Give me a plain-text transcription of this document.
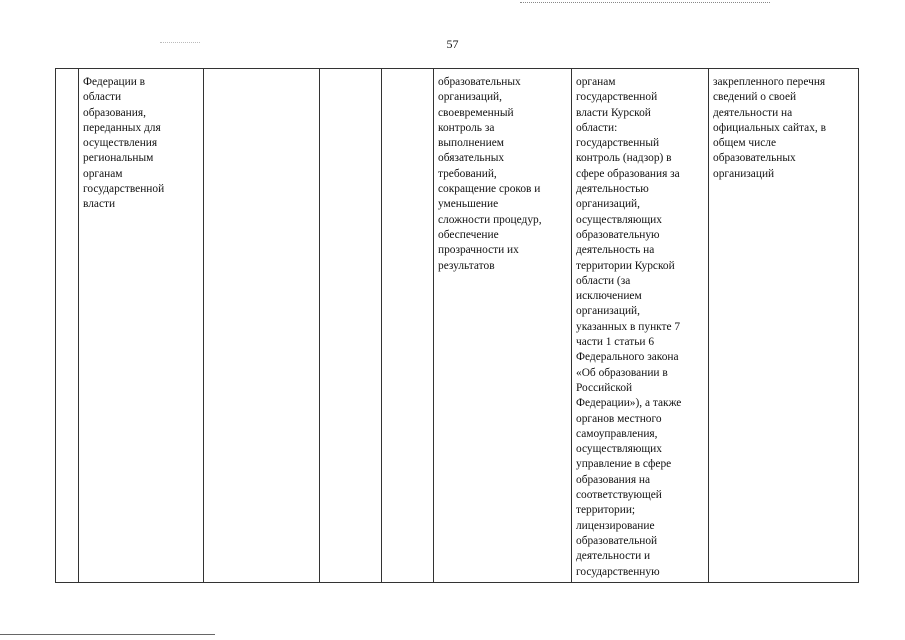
57
	Федерации в
области
образования,
переданных для
осуществления
региональным
органам
государственной
власти				образовательных
организаций,
своевременный
контроль за
выполнением
обязательных
требований,
сокращение сроков и
уменьшение
сложности процедур,
обеспечение
прозрачности их
результатов	органам
государственной
власти Курской
области:
государственный
контроль (надзор) в
сфере образования за
деятельностью
организаций,
осуществляющих
образовательную
деятельность на
территории Курской
области (за
исключением
организаций,
указанных в пункте 7
части 1 статьи 6
Федерального закона
«Об образовании в
Российской
Федерации»), а также
органов местного
самоуправления,
осуществляющих
управление в сфере
образования на
соответствующей
территории;
лицензирование
образовательной
деятельности и
государственную	закрепленного перечня
сведений о своей
деятельности на
официальных сайтах, в
общем числе
образовательных
организаций
